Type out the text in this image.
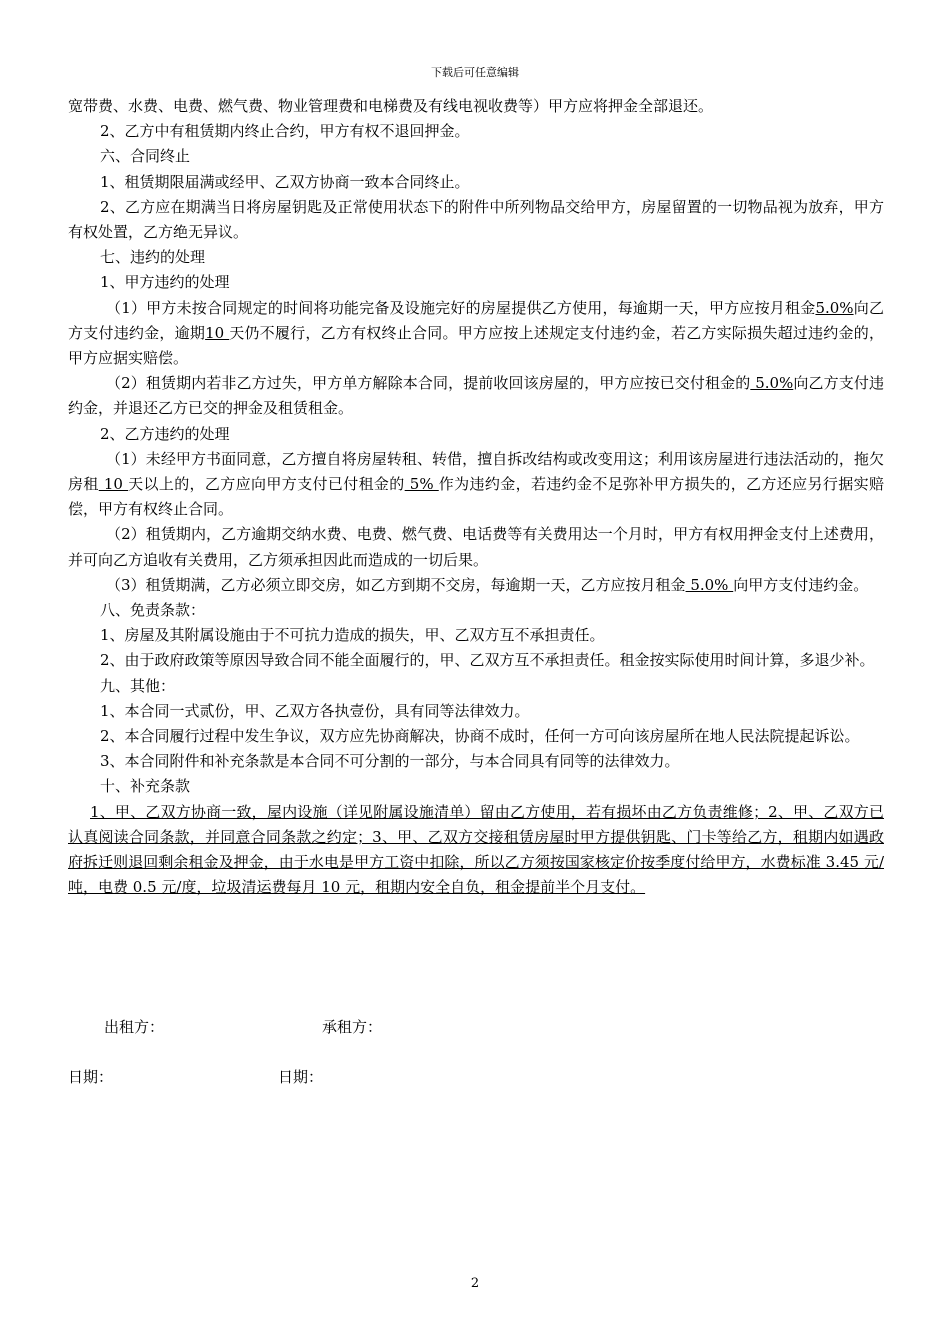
下载后可任意编辑

宽带费、水费、电费、燃气费、物业管理费和电梯费及有线电视收费等）甲方应将押金全部退还。

2、乙方中有租赁期内终止合约，甲方有权不退回押金。

六、合同终止

1、租赁期限届满或经甲、乙双方协商一致本合同终止。

2、乙方应在期满当日将房屋钥匙及正常使用状态下的附件中所列物品交给甲方，房屋留置的一切物品视为放弃，甲方有权处置，乙方绝无异议。

七、违约的处理

1、甲方违约的处理

（1）甲方未按合同规定的时间将功能完备及设施完好的房屋提供乙方使用，每逾期一天，甲方应按月租金5.0%向乙方支付违约金，逾期10 天仍不履行，乙方有权终止合同。甲方应按上述规定支付违约金，若乙方实际损失超过违约金的，甲方应据实赔偿。

（2）租赁期内若非乙方过失，甲方单方解除本合同，提前收回该房屋的，甲方应按已交付租金的 5.0%向乙方支付违约金，并退还乙方已交的押金及租赁租金。

2、乙方违约的处理

（1）未经甲方书面同意，乙方擅自将房屋转租、转借，擅自拆改结构或改变用这；利用该房屋进行违法活动的，拖欠房租 10 天以上的，乙方应向甲方支付已付租金的 5% 作为违约金，若违约金不足弥补甲方损失的，乙方还应另行据实赔偿，甲方有权终止合同。

（2）租赁期内，乙方逾期交纳水费、电费、燃气费、电话费等有关费用达一个月时，甲方有权用押金支付上述费用，并可向乙方追收有关费用，乙方须承担因此而造成的一切后果。

（3）租赁期满，乙方必须立即交房，如乙方到期不交房，每逾期一天，乙方应按月租金 5.0% 向甲方支付违约金。

八、免责条款：

1、房屋及其附属设施由于不可抗力造成的损失，甲、乙双方互不承担责任。

2、由于政府政策等原因导致合同不能全面履行的，甲、乙双方互不承担责任。租金按实际使用时间计算，多退少补。

九、其他：

1、本合同一式贰份，甲、乙双方各执壹份，具有同等法律效力。

2、本合同履行过程中发生争议，双方应先协商解决，协商不成时，任何一方可向该房屋所在地人民法院提起诉讼。

3、本合同附件和补充条款是本合同不可分割的一部分，与本合同具有同等的法律效力。

十、补充条款

1、甲、乙双方协商一致，屋内设施（详见附属设施清单）留由乙方使用，若有损坏由乙方负责维修；2、甲、乙双方已认真阅读合同条款，并同意合同条款之约定；3、甲、乙双方交接租赁房屋时甲方提供钥匙、门卡等给乙方，租期内如遇政府拆迁则退回剩余租金及押金，由于水电是甲方工资中扣除，所以乙方须按国家核定价按季度付给甲方，水费标准 3.45 元/吨，电费 0.5 元/度，垃圾清运费每月 10 元，租期内安全自负，租金提前半个月支付。

出租方：	承租方：
日期：	日期：
2
